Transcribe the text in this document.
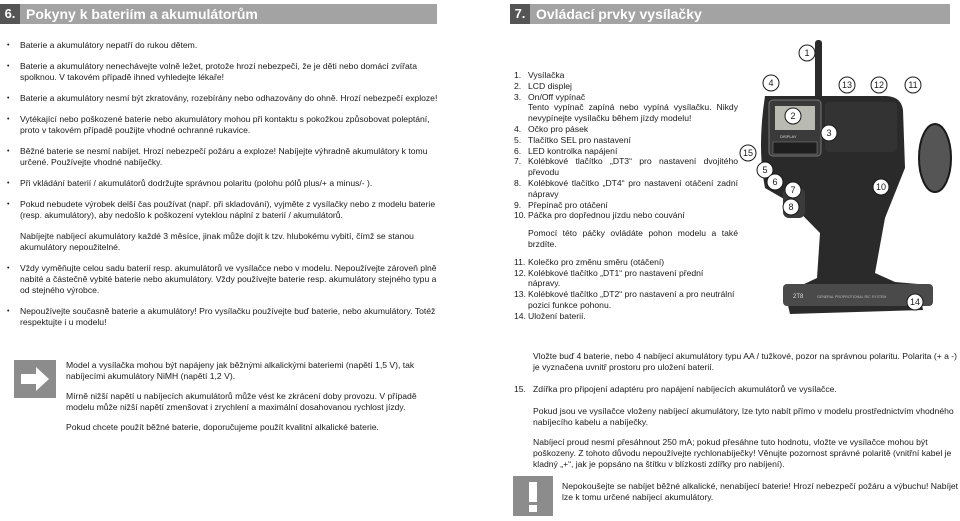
6. Pokyny k bateriím a akumulátorům	7. Ovládací prvky vysílačky
• Baterie a akumulátory nepatří do rukou dětem.
• Baterie a akumulátory nenechávejte volně ležet, protože hrozí nebezpečí, že je děti nebo domácí zvířata spolknou. V takovém případě ihned vyhledejte lékaře!
• Baterie a akumulátory nesmí být zkratovány, rozebírány nebo odhazovány do ohně. Hrozí nebezpečí exploze!
• Vytékající nebo poškozené baterie nebo akumulátory mohou při kontaktu s pokožkou způsobovat poleptání, proto v takovém případě použijte vhodné ochranné rukavice.
• Běžné baterie se nesmí nabíjet. Hrozí nebezpečí požáru a exploze! Nabíjejte výhradně akumulátory k tomu určené. Používejte vhodné nabíječky.
• Při vkládání baterií / akumulátorů dodržujte správnou polaritu (polohu pólů plus/+ a minus/- ).
• Pokud nebudete výrobek delší čas používat (např. při skladování), vyjměte z vysílačky nebo z modelu baterie (resp. akumulátory), aby nedošlo k poškození vyteklou náplní z baterií / akumulátorů.

Nabíjejte nabíjecí akumulátory každé 3 měsíce, jinak může dojít k tzv. hlubokému vybití, čímž se stanou akumulátory nepoužitelné.

• Vždy vyměňujte celou sadu baterií resp. akumulátorů ve vysílačce nebo v modelu. Nepoužívejte zároveň plně nabité a částečně vybité baterie nebo akumulátory. Vždy používejte baterie resp. akumulátory stejného typu a od stejného výrobce.
• Nepoužívejte současně baterie a akumulátory! Pro vysílačku používejte buď baterie, nebo akumulátory. Totéž respektujte i u modelu!

Model a vysílačka mohou být napájeny jak běžnými alkalickými bateriemi (napětí 1,5 V), tak nabíjecími akumulátory NiMH (napětí 1,2 V).

Mírně nižší napětí u nabíjecích akumulátorů může vést ke zkrácení doby provozu. V případě modelu může nižší napětí zmenšovat i zrychlení a maximální dosahovanou rychlost jízdy.

Pokud chcete použít běžné baterie, doporučujeme použít kvalitní alkalické baterie.

1. Vysílačka
2. LCD displej
3. On/Off vypínač
Tento vypínač zapíná nebo vypíná vysílačku. Nikdy nevypínejte vysílačku během jízdy modelu!
4. Očko pro pásek
5. Tlačítko SEL pro nastavení
6. LED kontrolka napájení
7. Kolébkové tlačítko „DT3“ pro nastavení dvojitého převodu
8. Kolébkové tlačítko „DT4“ pro nastavení otáčení zadní nápravy
9. Přepínač pro otáčení
10. Páčka pro dopřednou jízdu nebo couvání
Pomocí této páčky ovládáte pohon modelu a také brzdíte.
11. Kolečko pro změnu směru (otáčení)
12. Kolébkové tlačítko „DT1“ pro nastavení přední nápravy.
13. Kolébkové tlačítko „DT2“ pro nastavení a pro neutrální pozici funkce pohonu.
14. Uložení baterií.
DISPLAY
2T8	GENERAL PROPROTIONAL R/C SYSTEM
1
2
3
4
5
6
7
8
10
11
12
13
14
15
Vložte buď 4 baterie, nebo 4 nabíjecí akumulátory typu AA / tužkové, pozor na správnou polaritu. Polarita (+ a -) je vyznačena uvnitř prostoru pro uložení baterií.
15. Zdířka pro připojení adaptéru pro napájení nabíjecích akumulátorů ve vysílačce.
Pokud jsou ve vysílačce vloženy nabíjecí akumulátory, lze tyto nabít přímo v modelu prostřednictvím vhodného nabíjecího kabelu a nabíječky.
Nabíjecí proud nesmí přesáhnout 250 mA; pokud přesáhne tuto hodnotu, vložte ve vysílačce mohou být poškozeny. Z tohoto důvodu nepoužívejte rychlonabíječky! Věnujte pozornost správné polaritě (vnitřní kabel je kladný „+“, jak je popsáno na štítku v blízkosti zdířky pro nabíjení).
Nepokoušejte se nabíjet běžné alkalické, nenabíjecí baterie! Hrozí nebezpečí požáru a výbuchu! Nabíjet lze k tomu určené nabíjecí akumulátory.
